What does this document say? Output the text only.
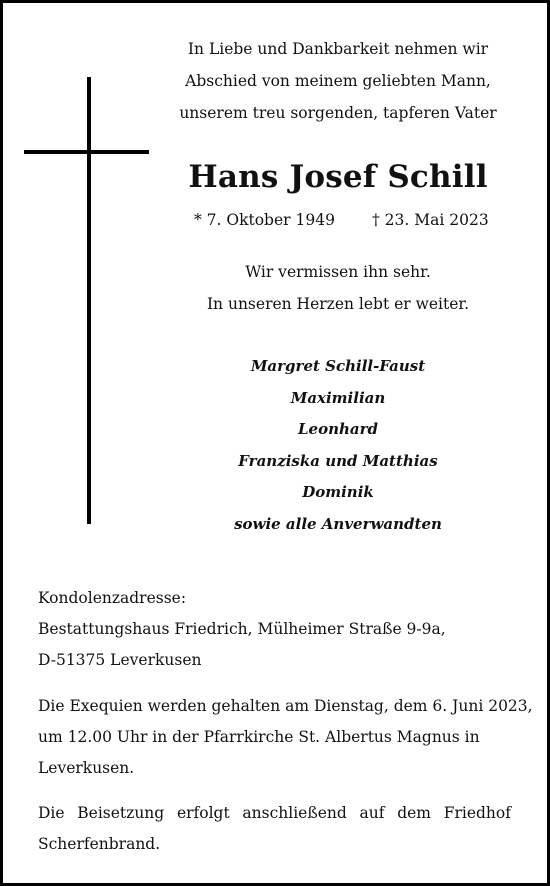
In Liebe und Dankbarkeit nehmen wir
Abschied von meinem geliebten Mann,
unserem treu sorgenden, tapferen Vater
Hans Josef Schill
* 7. Oktober 1949 † 23. Mai 2023
Wir vermissen ihn sehr.
In unseren Herzen lebt er weiter.
Margret Schill-Faust
Maximilian
Leonhard
Franziska und Matthias
Dominik
sowie alle Anverwandten
Kondolenzadresse:
Bestattungshaus Friedrich, Mülheimer Straße 9-9a,
D-51375 Leverkusen
Die Exequien werden gehalten am Dienstag, dem 6. Juni 2023,
um 12.00 Uhr in der Pfarrkirche St. Albertus Magnus in
Leverkusen.
Die Beisetzung erfolgt anschließend auf dem Friedhof
Scherfenbrand.
